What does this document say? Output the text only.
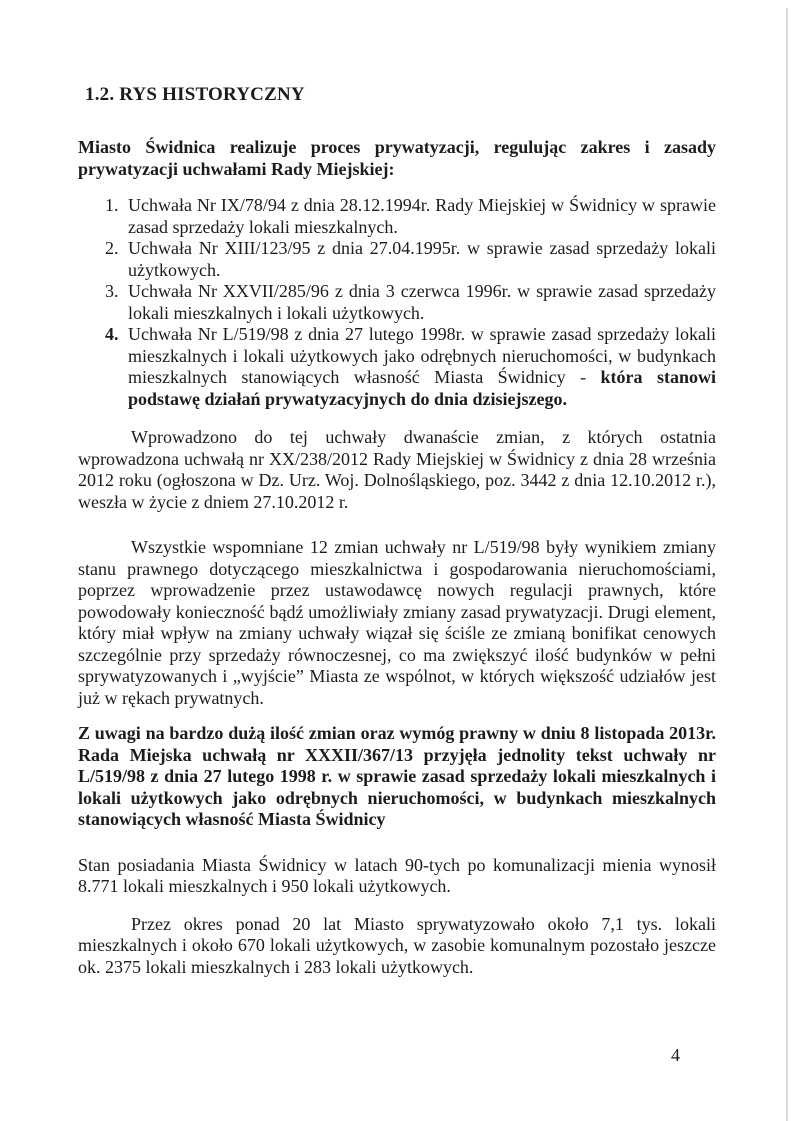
1.2. RYS HISTORYCZNY

Miasto Świdnica realizuje proces prywatyzacji, regulując zakres i zasady prywatyzacji uchwałami Rady Miejskiej:

1. Uchwała Nr IX/78/94 z dnia 28.12.1994r. Rady Miejskiej w Świdnicy w sprawie zasad sprzedaży lokali mieszkalnych.
2. Uchwała Nr XIII/123/95 z dnia 27.04.1995r. w sprawie zasad sprzedaży lokali użytkowych.
3. Uchwała Nr XXVII/285/96 z dnia 3 czerwca 1996r. w sprawie zasad sprzedaży lokali mieszkalnych i lokali użytkowych.
4. Uchwała Nr L/519/98 z dnia 27 lutego 1998r. w sprawie zasad sprzedaży lokali mieszkalnych i lokali użytkowych jako odrębnych nieruchomości, w budynkach mieszkalnych stanowiących własność Miasta Świdnicy - która stanowi podstawę działań prywatyzacyjnych do dnia dzisiejszego.

Wprowadzono do tej uchwały dwanaście zmian, z których ostatnia wprowadzona uchwałą nr XX/238/2012 Rady Miejskiej w Świdnicy z dnia 28 września 2012 roku (ogłoszona w Dz. Urz. Woj. Dolnośląskiego, poz. 3442 z dnia 12.10.2012 r.), weszła w życie z dniem 27.10.2012 r.

Wszystkie wspomniane 12 zmian uchwały nr L/519/98 były wynikiem zmiany stanu prawnego dotyczącego mieszkalnictwa i gospodarowania nieruchomościami, poprzez wprowadzenie przez ustawodawcę nowych regulacji prawnych, które powodowały konieczność bądź umożliwiały zmiany zasad prywatyzacji. Drugi element, który miał wpływ na zmiany uchwały wiązał się ściśle ze zmianą bonifikat cenowych szczególnie przy sprzedaży równoczesnej, co ma zwiększyć ilość budynków w pełni sprywatyzowanych i „wyjście” Miasta ze wspólnot, w których większość udziałów jest już w rękach prywatnych.

Z uwagi na bardzo dużą ilość zmian oraz wymóg prawny w dniu 8 listopada 2013r. Rada Miejska uchwałą nr XXXII/367/13 przyjęła jednolity tekst uchwały nr L/519/98 z dnia 27 lutego 1998 r. w sprawie zasad sprzedaży lokali mieszkalnych i lokali użytkowych jako odrębnych nieruchomości, w budynkach mieszkalnych stanowiących własność Miasta Świdnicy

Stan posiadania Miasta Świdnicy w latach 90-tych po komunalizacji mienia wynosił 8.771 lokali mieszkalnych i 950 lokali użytkowych.

Przez okres ponad 20 lat Miasto sprywatyzowało około 7,1 tys. lokali mieszkalnych i około 670 lokali użytkowych, w zasobie komunalnym pozostało jeszcze ok. 2375 lokali mieszkalnych i 283 lokali użytkowych.

4
